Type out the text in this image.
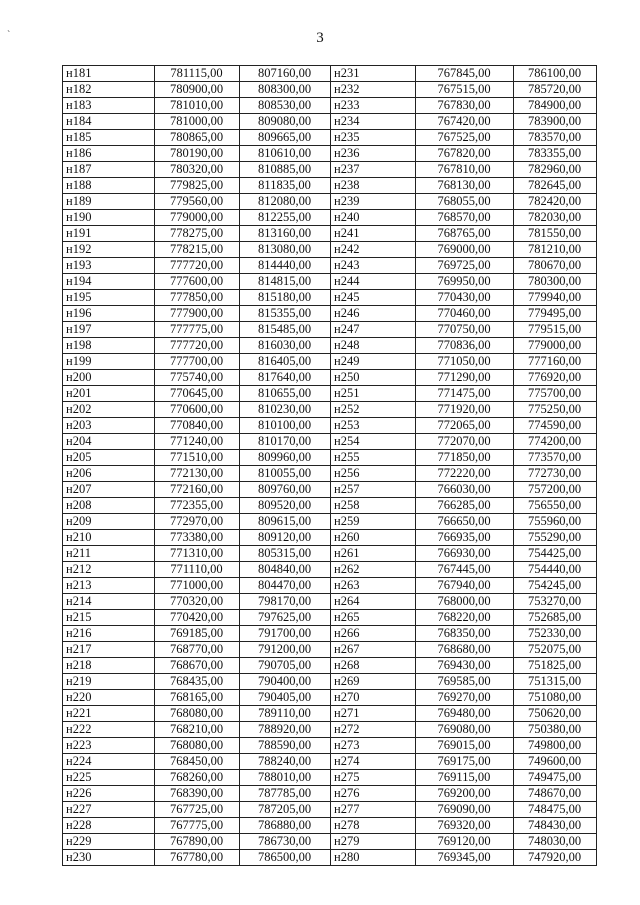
`	3
н181	781115,00	807160,00	н231	767845,00	786100,00
н182	780900,00	808300,00	н232	767515,00	785720,00
н183	781010,00	808530,00	н233	767830,00	784900,00
н184	781000,00	809080,00	н234	767420,00	783900,00
н185	780865,00	809665,00	н235	767525,00	783570,00
н186	780190,00	810610,00	н236	767820,00	783355,00
н187	780320,00	810885,00	н237	767810,00	782960,00
н188	779825,00	811835,00	н238	768130,00	782645,00
н189	779560,00	812080,00	н239	768055,00	782420,00
н190	779000,00	812255,00	н240	768570,00	782030,00
н191	778275,00	813160,00	н241	768765,00	781550,00
н192	778215,00	813080,00	н242	769000,00	781210,00
н193	777720,00	814440,00	н243	769725,00	780670,00
н194	777600,00	814815,00	н244	769950,00	780300,00
н195	777850,00	815180,00	н245	770430,00	779940,00
н196	777900,00	815355,00	н246	770460,00	779495,00
н197	777775,00	815485,00	н247	770750,00	779515,00
н198	777720,00	816030,00	н248	770836,00	779000,00
н199	777700,00	816405,00	н249	771050,00	777160,00
н200	775740,00	817640,00	н250	771290,00	776920,00
н201	770645,00	810655,00	н251	771475,00	775700,00
н202	770600,00	810230,00	н252	771920,00	775250,00
н203	770840,00	810100,00	н253	772065,00	774590,00
н204	771240,00	810170,00	н254	772070,00	774200,00
н205	771510,00	809960,00	н255	771850,00	773570,00
н206	772130,00	810055,00	н256	772220,00	772730,00
н207	772160,00	809760,00	н257	766030,00	757200,00
н208	772355,00	809520,00	н258	766285,00	756550,00
н209	772970,00	809615,00	н259	766650,00	755960,00
н210	773380,00	809120,00	н260	766935,00	755290,00
н211	771310,00	805315,00	н261	766930,00	754425,00
н212	771110,00	804840,00	н262	767445,00	754440,00
н213	771000,00	804470,00	н263	767940,00	754245,00
н214	770320,00	798170,00	н264	768000,00	753270,00
н215	770420,00	797625,00	н265	768220,00	752685,00
н216	769185,00	791700,00	н266	768350,00	752330,00
н217	768770,00	791200,00	н267	768680,00	752075,00
н218	768670,00	790705,00	н268	769430,00	751825,00
н219	768435,00	790400,00	н269	769585,00	751315,00
н220	768165,00	790405,00	н270	769270,00	751080,00
н221	768080,00	789110,00	н271	769480,00	750620,00
н222	768210,00	788920,00	н272	769080,00	750380,00
н223	768080,00	788590,00	н273	769015,00	749800,00
н224	768450,00	788240,00	н274	769175,00	749600,00
н225	768260,00	788010,00	н275	769115,00	749475,00
н226	768390,00	787785,00	н276	769200,00	748670,00
н227	767725,00	787205,00	н277	769090,00	748475,00
н228	767775,00	786880,00	н278	769320,00	748430,00
н229	767890,00	786730,00	н279	769120,00	748030,00
н230	767780,00	786500,00	н280	769345,00	747920,00
